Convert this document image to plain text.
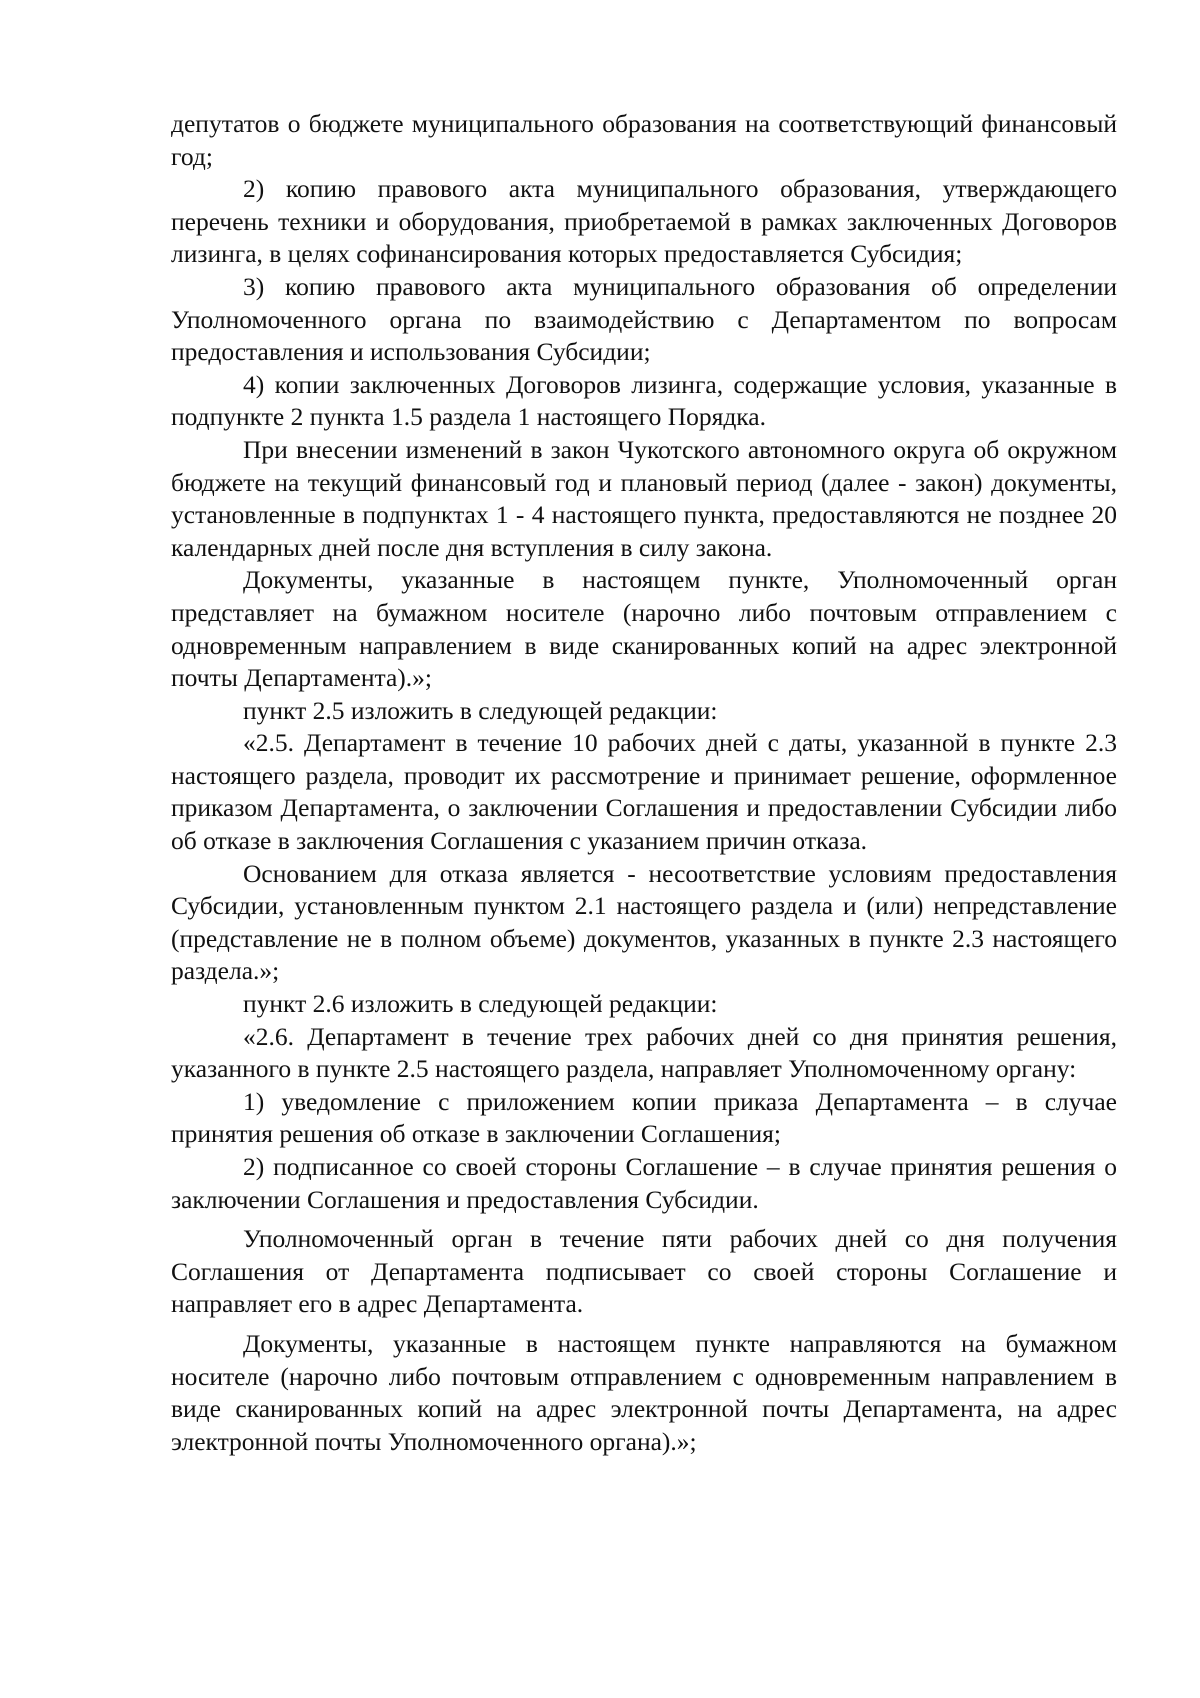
депутатов о бюджете муниципального образования на соответствующий финансовый год;

2) копию правового акта муниципального образования, утверждающего перечень техники и оборудования, приобретаемой в рамках заключенных Договоров лизинга, в целях софинансирования которых предоставляется Субсидия;

3) копию правового акта муниципального образования об определении Уполномоченного органа по взаимодействию с Департаментом по вопросам предоставления и использования Субсидии;

4) копии заключенных Договоров лизинга, содержащие условия, указанные в подпункте 2 пункта 1.5 раздела 1 настоящего Порядка.

При внесении изменений в закон Чукотского автономного округа об окружном бюджете на текущий финансовый год и плановый период (далее - закон) документы, установленные в подпунктах 1 - 4 настоящего пункта, предоставляются не позднее 20 календарных дней после дня вступления в силу закона.

Документы, указанные в настоящем пункте, Уполномоченный орган представляет на бумажном носителе (нарочно либо почтовым отправлением с одновременным направлением в виде сканированных копий на адрес электронной почты Департамента).»;

пункт 2.5 изложить в следующей редакции:

«2.5. Департамент в течение 10 рабочих дней с даты, указанной в пункте 2.3 настоящего раздела, проводит их рассмотрение и принимает решение, оформленное приказом Департамента, о заключении Соглашения и предоставлении Субсидии либо об отказе в заключения Соглашения с указанием причин отказа.

Основанием для отказа является - несоответствие условиям предоставления Субсидии, установленным пунктом 2.1 настоящего раздела и (или) непредставление (представление не в полном объеме) документов, указанных в пункте 2.3 настоящего раздела.»;

пункт 2.6 изложить в следующей редакции:

«2.6. Департамент в течение трех рабочих дней со дня принятия решения, указанного в пункте 2.5 настоящего раздела, направляет Уполномоченному органу:

1) уведомление с приложением копии приказа Департамента – в случае принятия решения об отказе в заключении Соглашения;

2) подписанное со своей стороны Соглашение – в случае принятия решения о заключении Соглашения и предоставления Субсидии.

Уполномоченный орган в течение пяти рабочих дней со дня получения Соглашения от Департамента подписывает со своей стороны Соглашение и направляет его в адрес Департамента.

Документы, указанные в настоящем пункте направляются на бумажном носителе (нарочно либо почтовым отправлением с одновременным направлением в виде сканированных копий на адрес электронной почты Департамента, на адрес электронной почты Уполномоченного органа).»;
